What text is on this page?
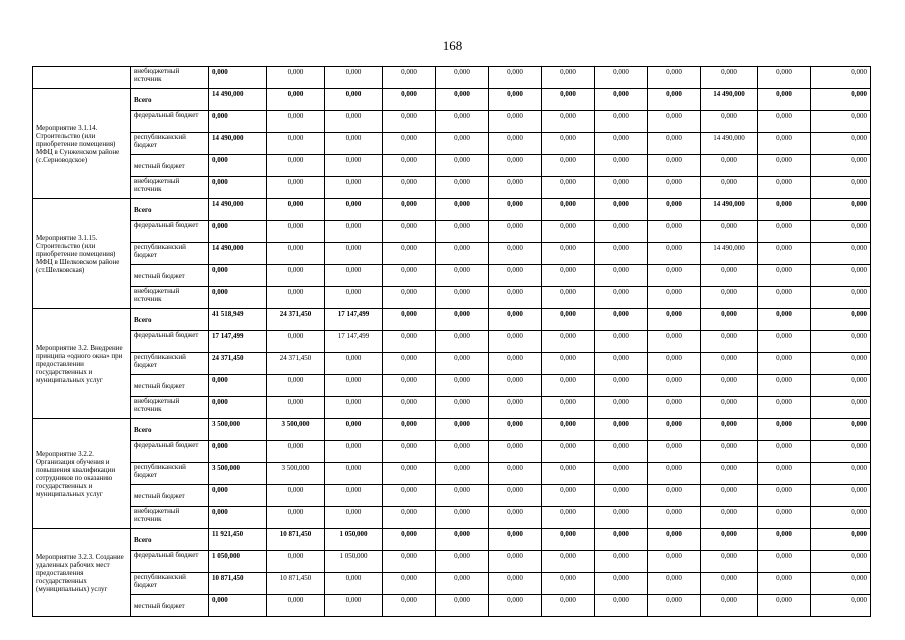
168
	внебюджетный источник	0,000	0,000	0,000	0,000	0,000	0,000	0,000	0,000	0,000	0,000	0,000	0,000
Мероприятие 3.1.14. Строительство (или приобретение помещения) МФЦ в Сунженском районе (с.Серноводское)	Всего	14 490,000	0,000	0,000	0,000	0,000	0,000	0,000	0,000	0,000	14 490,000	0,000	0,000
	федеральный бюджет	0,000	0,000	0,000	0,000	0,000	0,000	0,000	0,000	0,000	0,000	0,000	0,000
	республиканский бюджет	14 490,000	0,000	0,000	0,000	0,000	0,000	0,000	0,000	0,000	14 490,000	0,000	0,000
	местный бюджет	0,000	0,000	0,000	0,000	0,000	0,000	0,000	0,000	0,000	0,000	0,000	0,000
	внебюджетный источник	0,000	0,000	0,000	0,000	0,000	0,000	0,000	0,000	0,000	0,000	0,000	0,000
Мероприятие 3.1.15. Строительство (или приобретение помещения) МФЦ в Шелковском районе (ст.Шелковская)	Всего	14 490,000	0,000	0,000	0,000	0,000	0,000	0,000	0,000	0,000	14 490,000	0,000	0,000
	федеральный бюджет	0,000	0,000	0,000	0,000	0,000	0,000	0,000	0,000	0,000	0,000	0,000	0,000
	республиканский бюджет	14 490,000	0,000	0,000	0,000	0,000	0,000	0,000	0,000	0,000	14 490,000	0,000	0,000
	местный бюджет	0,000	0,000	0,000	0,000	0,000	0,000	0,000	0,000	0,000	0,000	0,000	0,000
	внебюджетный источник	0,000	0,000	0,000	0,000	0,000	0,000	0,000	0,000	0,000	0,000	0,000	0,000
Мероприятие 3.2. Внедрение принципа «одного окна» при предоставлении государственных и муниципальных услуг	Всего	41 518,949	24 371,450	17 147,499	0,000	0,000	0,000	0,000	0,000	0,000	0,000	0,000	0,000
	федеральный бюджет	17 147,499	0,000	17 147,499	0,000	0,000	0,000	0,000	0,000	0,000	0,000	0,000	0,000
	республиканский бюджет	24 371,450	24 371,450	0,000	0,000	0,000	0,000	0,000	0,000	0,000	0,000	0,000	0,000
	местный бюджет	0,000	0,000	0,000	0,000	0,000	0,000	0,000	0,000	0,000	0,000	0,000	0,000
	внебюджетный источник	0,000	0,000	0,000	0,000	0,000	0,000	0,000	0,000	0,000	0,000	0,000	0,000
Мероприятие 3.2.2. Организация обучения и повышения квалификации сотрудников по оказанию государственных и муниципальных услуг	Всего	3 500,000	3 500,000	0,000	0,000	0,000	0,000	0,000	0,000	0,000	0,000	0,000	0,000
	федеральный бюджет	0,000	0,000	0,000	0,000	0,000	0,000	0,000	0,000	0,000	0,000	0,000	0,000
	республиканский бюджет	3 500,000	3 500,000	0,000	0,000	0,000	0,000	0,000	0,000	0,000	0,000	0,000	0,000
	местный бюджет	0,000	0,000	0,000	0,000	0,000	0,000	0,000	0,000	0,000	0,000	0,000	0,000
	внебюджетный источник	0,000	0,000	0,000	0,000	0,000	0,000	0,000	0,000	0,000	0,000	0,000	0,000
Мероприятие 3.2.3. Создание удаленных рабочих мест предоставления государственных (муниципальных) услуг	Всего	11 921,450	10 871,450	1 050,000	0,000	0,000	0,000	0,000	0,000	0,000	0,000	0,000	0,000
	федеральный бюджет	1 050,000	0,000	1 050,000	0,000	0,000	0,000	0,000	0,000	0,000	0,000	0,000	0,000
	республиканский бюджет	10 871,450	10 871,450	0,000	0,000	0,000	0,000	0,000	0,000	0,000	0,000	0,000	0,000
	местный бюджет	0,000	0,000	0,000	0,000	0,000	0,000	0,000	0,000	0,000	0,000	0,000	0,000
